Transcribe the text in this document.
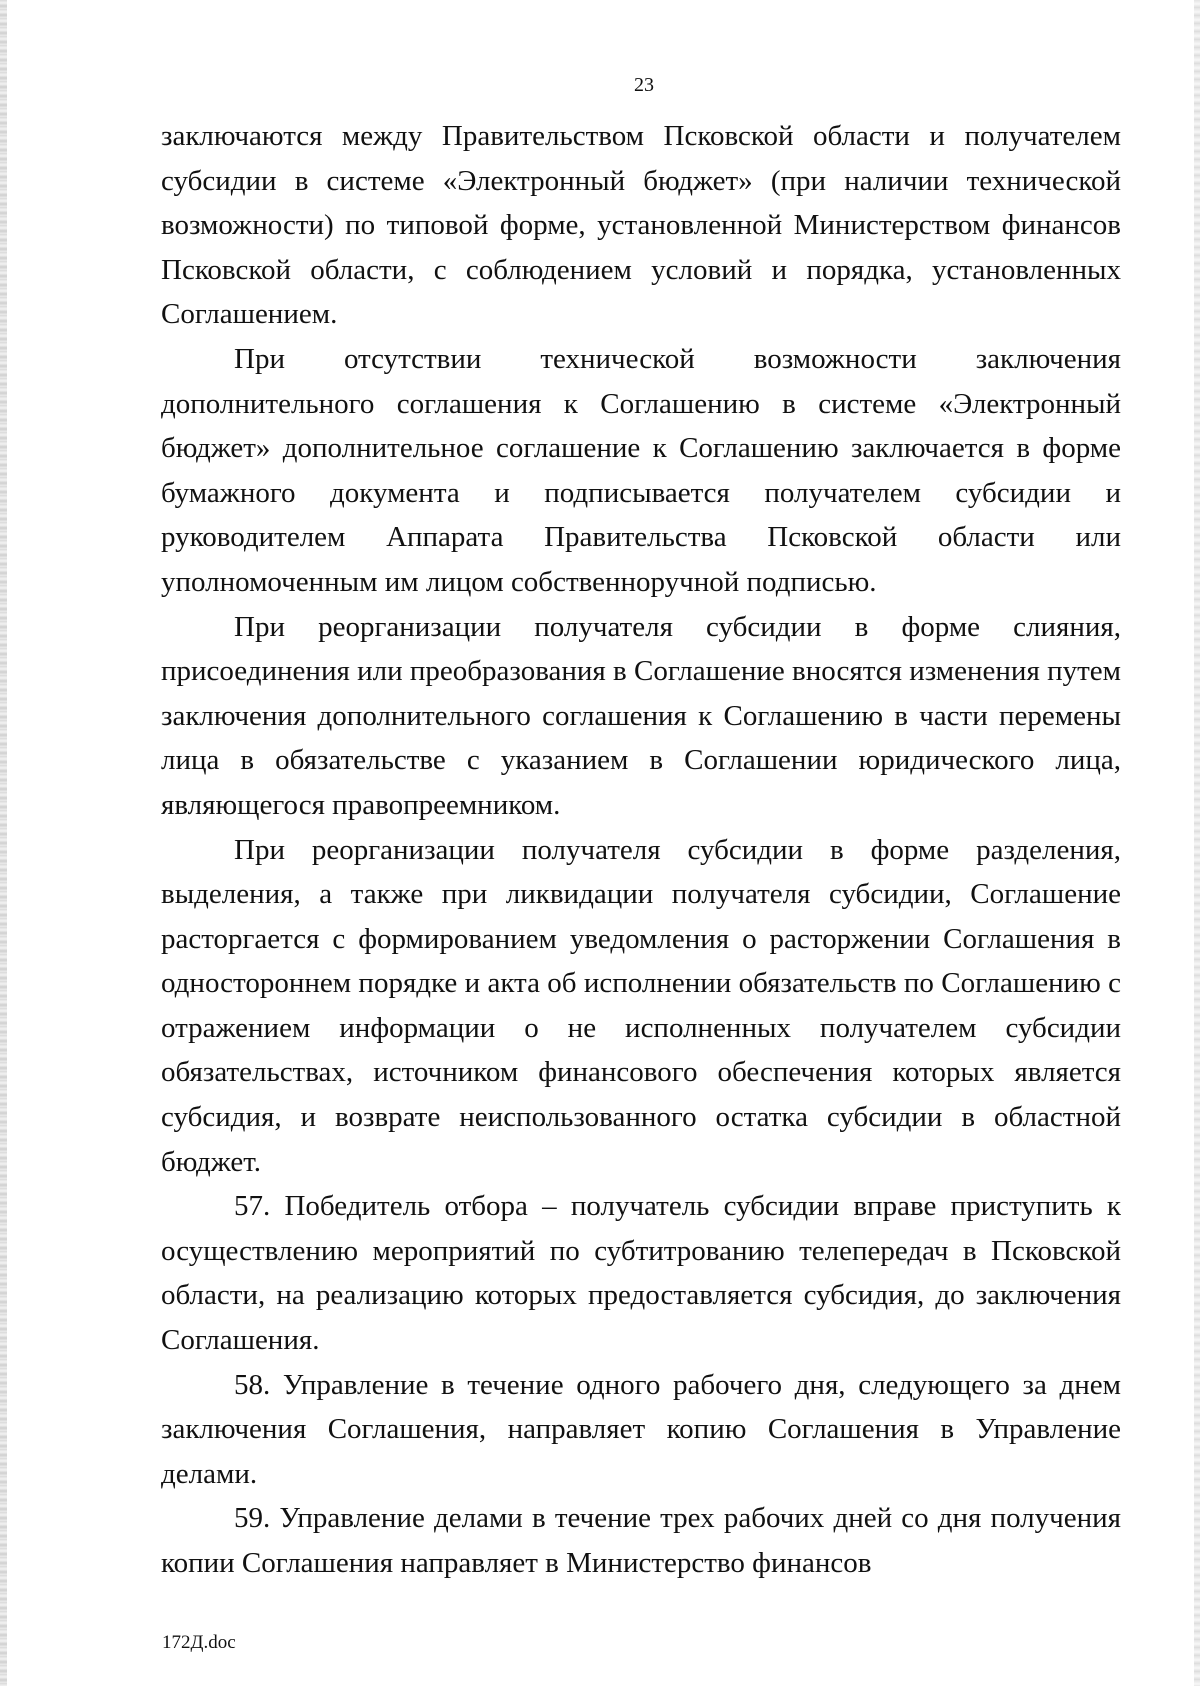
23

заключаются между Правительством Псковской области и получателем субсидии в системе «Электронный бюджет» (при наличии технической возможности) по типовой форме, установленной Министерством финансов Псковской области, с соблюдением условий и порядка, установленных Соглашением.

При отсутствии технической возможности заключения дополнительного соглашения к Соглашению в системе «Электронный бюджет» дополнительное соглашение к Соглашению заключается в форме бумажного документа и подписывается получателем субсидии и руководителем Аппарата Правительства Псковской области или уполномоченным им лицом собственноручной подписью.

При реорганизации получателя субсидии в форме слияния, присоединения или преобразования в Соглашение вносятся изменения путем заключения дополнительного соглашения к Соглашению в части перемены лица в обязательстве с указанием в Соглашении юридического лица, являющегося правопреемником.

При реорганизации получателя субсидии в форме разделения, выделения, а также при ликвидации получателя субсидии, Соглашение расторгается с формированием уведомления о расторжении Соглашения в одностороннем порядке и акта об исполнении обязательств по Соглашению с отражением информации о не исполненных получателем субсидии обязательствах, источником финансового обеспечения которых является субсидия, и возврате неиспользованного остатка субсидии в областной бюджет.

57. Победитель отбора – получатель субсидии вправе приступить к осуществлению мероприятий по субтитрованию телепередач в Псковской области, на реализацию которых предоставляется субсидия, до заключения Соглашения.

58. Управление в течение одного рабочего дня, следующего за днем заключения Соглашения, направляет копию Соглашения в Управление делами.

59. Управление делами в течение трех рабочих дней со дня получения копии Соглашения направляет в Министерство финансов

172Д.doc
